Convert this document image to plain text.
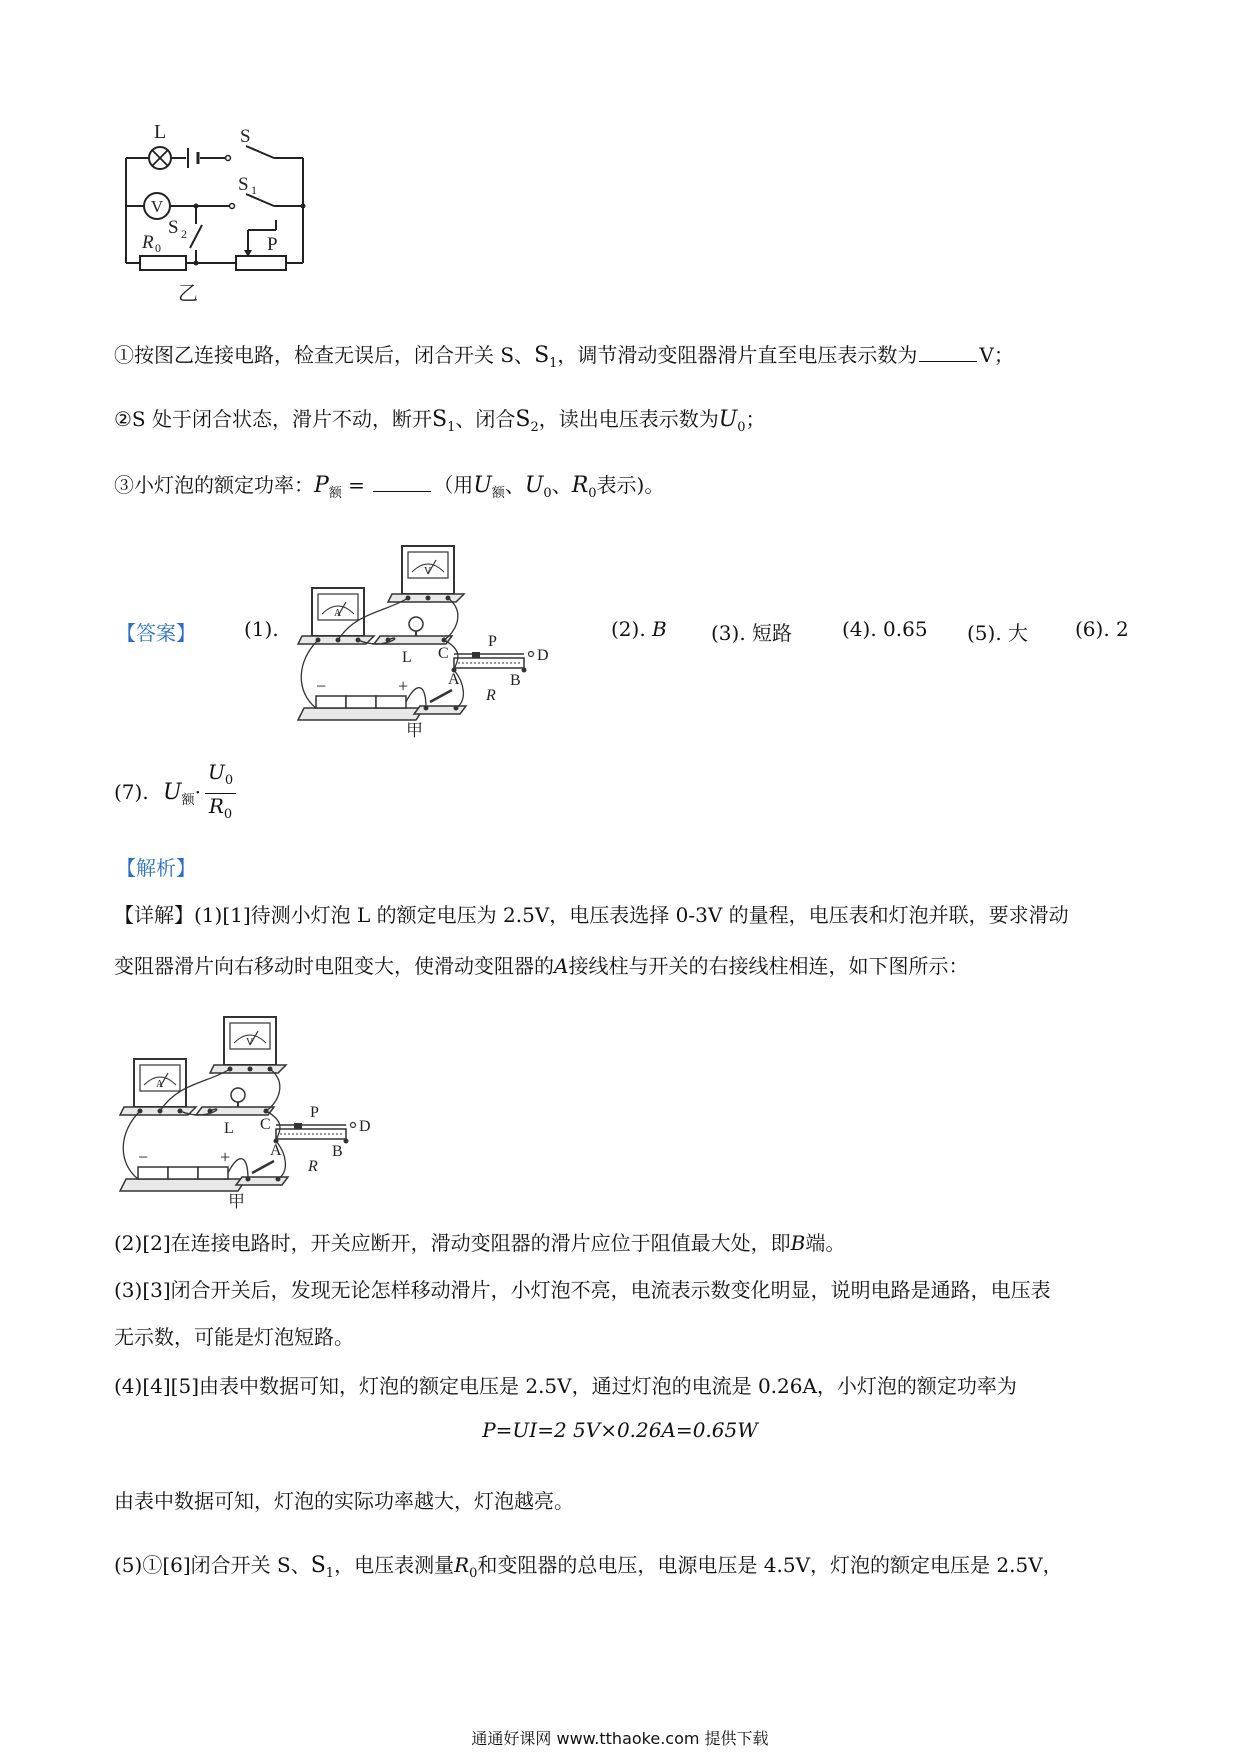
V
L	S
S 1
S 2
R 0	P
乙
①按图乙连接电路，检查无误后，闭合开关 S、$S_1$，调节滑动变阻器滑片直至电压表示数为	V；
②S 处于闭合状态，滑片不动，断开$S_1$、闭合$S_2$，读出电压表示数为$U_0$；
③小灯泡的额定功率：$P_额$ =	（用$U_额$、$U_0$、$R_0$表示)。
【答案】 (1).
A
V
L
P
C	D
A	B
R
−	+
甲
(2). B (3). 短路 (4). 0.65 (5). 大 (6). 2
(7). $U_额\cdot \frac{U_0}{R_0}$
【解析】
【详解】(1)[1]待测小灯泡 L 的额定电压为 2.5V，电压表选择 0-3V 的量程，电压表和灯泡并联，要求滑动
变阻器滑片向右移动时电阻变大，使滑动变阻器的A接线柱与开关的右接线柱相连，如下图所示：
A
V
L
P
C	D
A	B
R
−	+
甲
(2)[2]在连接电路时，开关应断开，滑动变阻器的滑片应位于阻值最大处，即B端。
(3)[3]闭合开关后，发现无论怎样移动滑片，小灯泡不亮，电流表示数变化明显，说明电路是通路，电压表
无示数，可能是灯泡短路。
(4)[4][5]由表中数据可知，灯泡的额定电压是 2.5V，通过灯泡的电流是 0.26A，小灯泡的额定功率为
P=UI=2 5V×0.26A=0.65W
由表中数据可知，灯泡的实际功率越大，灯泡越亮。
(5)①[6]闭合开关 S、$S_1$，电压表测量$R_0$和变阻器的总电压，电源电压是 4.5V，灯泡的额定电压是 2.5V，
通通好课网 www.tthaoke.com 提供下载
